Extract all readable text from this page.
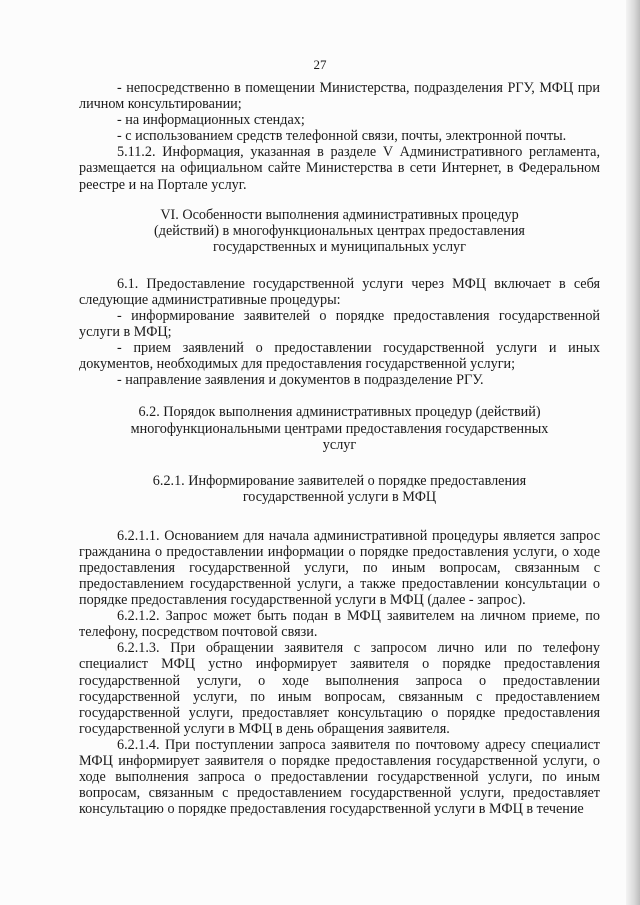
27

- непосредственно в помещении Министерства, подразделения РГУ, МФЦ при личном консультировании;

- на информационных стендах;

- с использованием средств телефонной связи, почты, электронной почты.

5.11.2. Информация, указанная в разделе V Административного регламента, размещается на официальном сайте Министерства в сети Интернет, в Федеральном реестре и на Портале услуг.

VI. Особенности выполнения административных процедур (действий) в многофункциональных центрах предоставления государственных и муниципальных услуг

6.1. Предоставление государственной услуги через МФЦ включает в себя следующие административные процедуры:

- информирование заявителей о порядке предоставления государственной услуги в МФЦ;

- прием заявлений о предоставлении государственной услуги и иных документов, необходимых для предоставления государственной услуги;

- направление заявления и документов в подразделение РГУ.

6.2. Порядок выполнения административных процедур (действий) многофункциональными центрами предоставления государственных услуг

6.2.1. Информирование заявителей о порядке предоставления государственной услуги в МФЦ

6.2.1.1. Основанием для начала административной процедуры является запрос гражданина о предоставлении информации о порядке предоставления услуги, о ходе предоставления государственной услуги, по иным вопросам, связанным с предоставлением государственной услуги, а также предоставлении консультации о порядке предоставления государственной услуги в МФЦ (далее - запрос).

6.2.1.2. Запрос может быть подан в МФЦ заявителем на личном приеме, по телефону, посредством почтовой связи.

6.2.1.3. При обращении заявителя с запросом лично или по телефону специалист МФЦ устно информирует заявителя о порядке предоставления государственной услуги, о ходе выполнения запроса о предоставлении государственной услуги, по иным вопросам, связанным с предоставлением государственной услуги, предоставляет консультацию о порядке предоставления государственной услуги в МФЦ в день обращения заявителя.

6.2.1.4. При поступлении запроса заявителя по почтовому адресу специалист МФЦ информирует заявителя о порядке предоставления государственной услуги, о ходе выполнения запроса о предоставлении государственной услуги, по иным вопросам, связанным с предоставлением государственной услуги, предоставляет консультацию о порядке предоставления государственной услуги в МФЦ в течение
